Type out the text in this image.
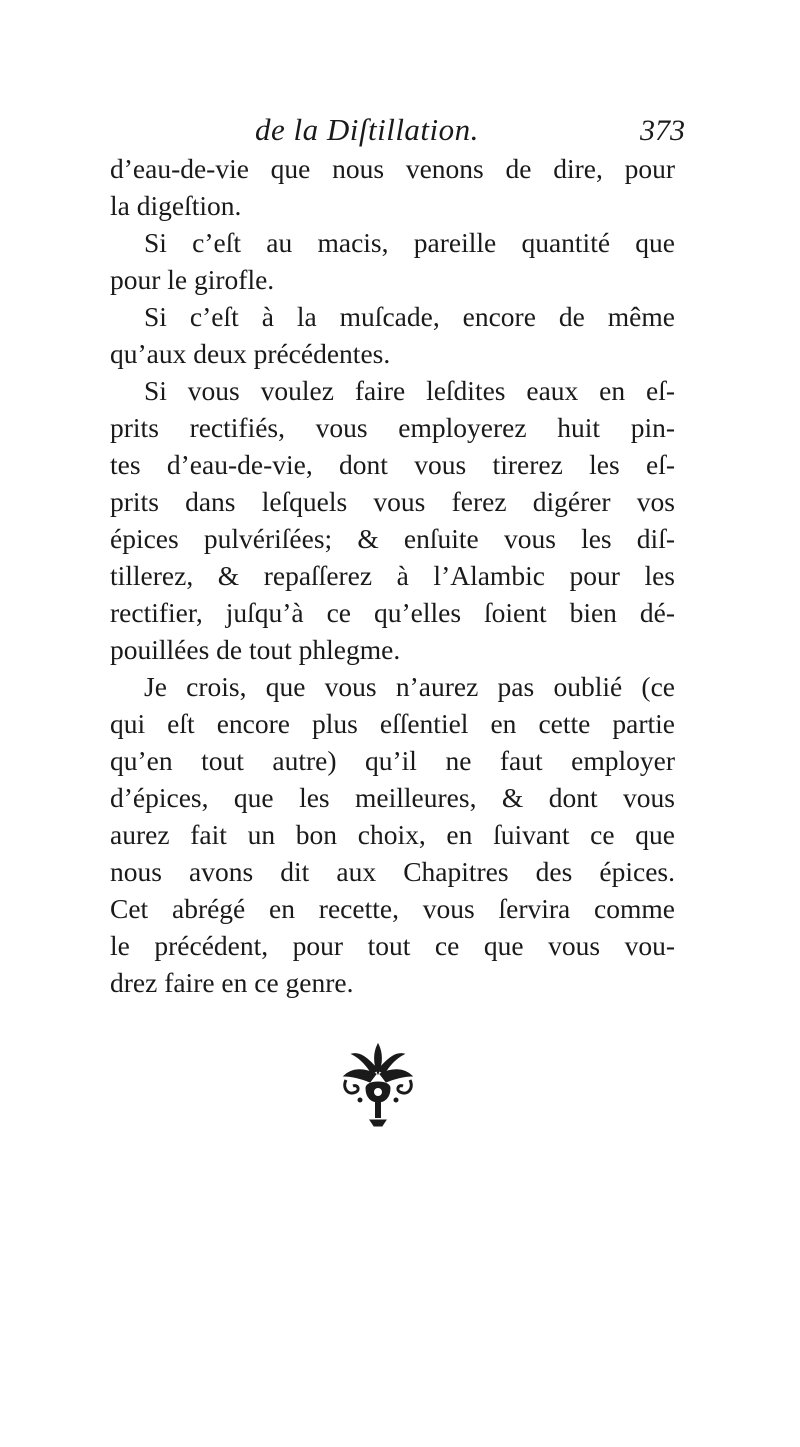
de la Diſtillation.	373
d’eau-de-vie que nous venons de dire, pour
la digeſtion.
Si c’eſt au macis, pareille quantité que
pour le girofle.
Si c’eſt à la muſcade, encore de même
qu’aux deux précédentes.
Si vous voulez faire leſdites eaux en eſ-
prits rectifiés, vous employerez huit pin-
tes d’eau-de-vie, dont vous tirerez les eſ-
prits dans leſquels vous ferez digérer vos
épices pulvériſées; & enſuite vous les diſ-
tillerez, & repaſſerez à l’Alambic pour les
rectifier, juſqu’à ce qu’elles ſoient bien dé-
pouillées de tout phlegme.
Je crois, que vous n’aurez pas oublié (ce
qui eſt encore plus eſſentiel en cette partie
qu’en tout autre) qu’il ne faut employer
d’épices, que les meilleures, & dont vous
aurez fait un bon choix, en ſuivant ce que
nous avons dit aux Chapitres des épices.
Cet abrégé en recette, vous ſervira comme
le précédent, pour tout ce que vous vou-
drez faire en ce genre.
